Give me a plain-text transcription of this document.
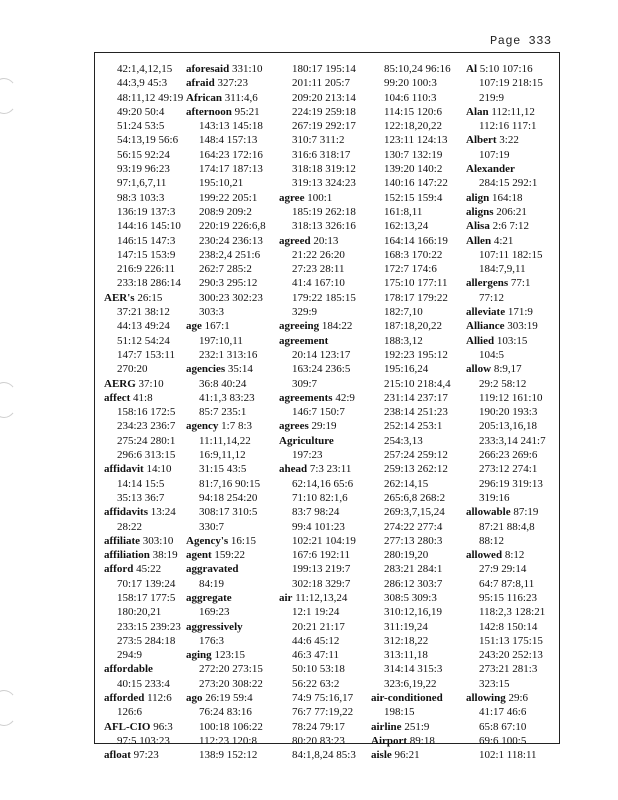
Page 333
42:1,4,12,15
44:3,9 45:3
48:11,12 49:19
49:20 50:4
51:24 53:5
54:13,19 56:6
56:15 92:24
93:19 96:23
97:1,6,7,11
98:3 103:3
136:19 137:3
144:16 145:10
146:15 147:3
147:15 153:9
216:9 226:11
233:18 286:14
AER's 26:15
37:21 38:12
44:13 49:24
51:12 54:24
147:7 153:11
270:20
AERG 37:10
affect 41:8
158:16 172:5
234:23 236:7
275:24 280:1
296:6 313:15
affidavit 14:10
14:14 15:5
35:13 36:7
affidavits 13:24
28:22
affiliate 303:10
affiliation 38:19
afford 45:22
70:17 139:24
158:17 177:5
180:20,21
233:15 239:23
273:5 284:18
294:9
affordable
40:15 233:4
afforded 112:6
126:6
AFL-CIO 96:3
97:5 103:23
afloat 97:23
aforesaid 331:10
afraid 327:23
African 311:4,6
afternoon 95:21
143:13 145:18
148:4 157:13
164:23 172:16
174:17 187:13
195:10,21
199:22 205:1
208:9 209:2
220:19 226:6,8
230:24 236:13
238:2,4 251:6
262:7 285:2
290:3 295:12
300:23 302:23
303:3
age 167:1
197:10,11
232:1 313:16
agencies 35:14
36:8 40:24
41:1,3 83:23
85:7 235:1
agency 1:7 8:3
11:11,14,22
16:9,11,12
31:15 43:5
81:7,16 90:15
94:18 254:20
308:17 310:5
330:7
Agency's 16:15
agent 159:22
aggravated
84:19
aggregate
169:23
aggressively
176:3
aging 123:15
272:20 273:15
273:20 308:22
ago 26:19 59:4
76:24 83:16
100:18 106:22
112:23 120:8
138:9 152:12
180:17 195:14
201:11 205:7
209:20 213:14
224:19 259:18
267:19 292:17
310:7 311:2
316:6 318:17
318:18 319:12
319:13 324:23
agree 100:1
185:19 262:18
318:13 326:16
agreed 20:13
21:22 26:20
27:23 28:11
41:4 167:10
179:22 185:15
329:9
agreeing 184:22
agreement
20:14 123:17
163:24 236:5
309:7
agreements 42:9
146:7 150:7
agrees 29:19
Agriculture
197:23
ahead 7:3 23:11
62:14,16 65:6
71:10 82:1,6
83:7 98:24
99:4 101:23
102:21 104:19
167:6 192:11
199:13 219:7
302:18 329:7
air 11:12,13,24
12:1 19:24
20:21 21:17
44:6 45:12
46:3 47:11
50:10 53:18
56:22 63:2
74:9 75:16,17
76:7 77:19,22
78:24 79:17
80:20 83:23
84:1,8,24 85:3
85:10,24 96:16
99:20 100:3
104:6 110:3
114:15 120:6
122:18,20,22
123:11 124:13
130:7 132:19
139:20 140:2
140:16 147:22
152:15 159:4
161:8,11
162:13,24
164:14 166:19
168:3 170:22
172:7 174:6
175:10 177:11
178:17 179:22
182:7,10
187:18,20,22
188:3,12
192:23 195:12
195:16,24
215:10 218:4,4
231:14 237:17
238:14 251:23
252:14 253:1
254:3,13
257:24 259:12
259:13 262:12
262:14,15
265:6,8 268:2
269:3,7,15,24
274:22 277:4
277:13 280:3
280:19,20
283:21 284:1
286:12 303:7
308:5 309:3
310:12,16,19
311:19,24
312:18,22
313:11,18
314:14 315:3
323:6,19,22
air-conditioned
198:15
airline 251:9
Airport 89:18
aisle 96:21
Al 5:10 107:16
107:19 218:15
219:9
Alan 112:11,12
112:16 117:1
Albert 3:22
107:19
Alexander
284:15 292:1
align 164:18
aligns 206:21
Alisa 2:6 7:12
Allen 4:21
107:11 182:15
184:7,9,11
allergens 77:1
77:12
alleviate 171:9
Alliance 303:19
Allied 103:15
104:5
allow 8:9,17
29:2 58:12
119:12 161:10
190:20 193:3
205:13,16,18
233:3,14 241:7
266:23 269:6
273:12 274:1
296:19 319:13
319:16
allowable 87:19
87:21 88:4,8
88:12
allowed 8:12
27:9 29:14
64:7 87:8,11
95:15 116:23
118:2,3 128:21
142:8 150:14
151:13 175:15
243:20 252:13
273:21 281:3
323:15
allowing 29:6
41:17 46:6
65:8 67:10
69:6 100:5
102:1 118:11
